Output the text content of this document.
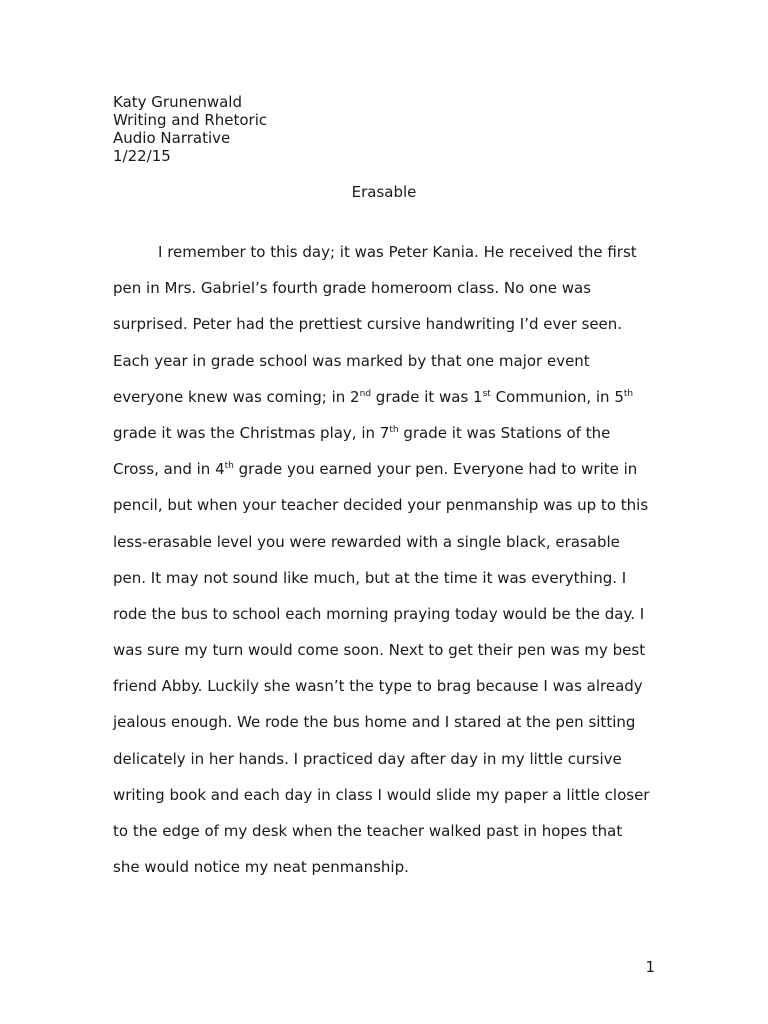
Katy Grunenwald
Writing and Rhetoric
Audio Narrative
1/22/15
Erasable
I remember to this day; it was Peter Kania. He received the first
pen in Mrs. Gabriel’s fourth grade homeroom class. No one was
surprised. Peter had the prettiest cursive handwriting I’d ever seen.
Each year in grade school was marked by that one major event
everyone knew was coming; in 2nd grade it was 1st Communion, in 5th
grade it was the Christmas play, in 7th grade it was Stations of the
Cross, and in 4th grade you earned your pen. Everyone had to write in
pencil, but when your teacher decided your penmanship was up to this
less-erasable level you were rewarded with a single black, erasable
pen. It may not sound like much, but at the time it was everything. I
rode the bus to school each morning praying today would be the day. I
was sure my turn would come soon. Next to get their pen was my best
friend Abby. Luckily she wasn’t the type to brag because I was already
jealous enough. We rode the bus home and I stared at the pen sitting
delicately in her hands. I practiced day after day in my little cursive
writing book and each day in class I would slide my paper a little closer
to the edge of my desk when the teacher walked past in hopes that
she would notice my neat penmanship.
1
